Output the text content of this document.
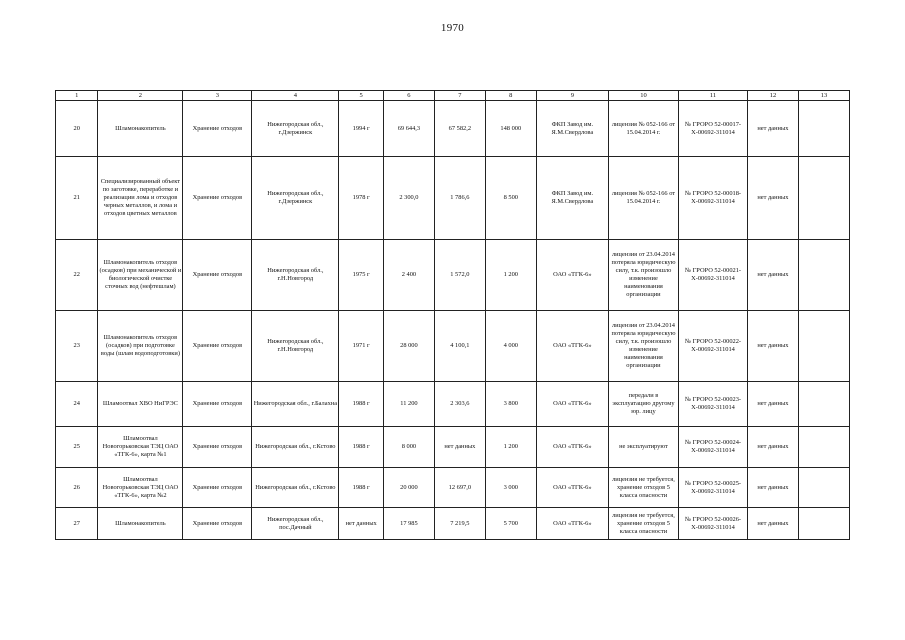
1970
1	2	3	4	5	6	7	8	9	10	11	12	13
20	Шламонакопитель	Хранение отходов	Нижегородская обл., г.Дзержинск	1994 г	69 644,3	67 582,2	148 000	ФКП Завод им. Я.М.Свердлова	лицензия № 052-166 от 15.04.2014 г.	№ ГРОРО 52-00017-Х-00692-311014	нет данных	
21	Специализированный объект по заготовке, переработке и реализации лома и отходов черных металлов, и лома и отходов цветных металлов	Хранение отходов	Нижегородская обл., г.Дзержинск	1978 г	2 300,0	1 786,6	8 500	ФКП Завод им. Я.М.Свердлова	лицензия № 052-166 от 15.04.2014 г.	№ ГРОРО 52-00018-Х-00692-311014	нет данных	
22	Шламонакопитель отходов (осадков) при механической и биологической очистке сточных вод (нефтешлам)	Хранение отходов	Нижегородская обл., г.Н.Новгород	1975 г	2 400	1 572,0	1 200	ОАО «ТГК-6»	лицензия от 23.04.2014 потеряла юридическую силу, т.к. произошло изменение наименования организации	№ ГРОРО 52-00021-Х-00692-311014	нет данных	
23	Шламонакопитель отходов (осадков) при подготовке воды (шлам водоподготовки)	Хранение отходов	Нижегородская обл., г.Н.Новгород	1971 г	28 000	4 100,1	4 000	ОАО «ТГК-6»	лицензия от 23.04.2014 потеряла юридическую силу, т.к. произошло изменение наименования организации	№ ГРОРО 52-00022-Х-00692-311014	нет данных	
24	Шламоотвал ХВО НиГРЭС	Хранение отходов	Нижегородская обл., г.Балахна	1988 г	11 200	2 303,6	3 800	ОАО «ТГК-6»	передали в эксплуатацию другому юр. лицу	№ ГРОРО 52-00023-Х-00692-311014	нет данных	
25	Шламоотвал Новогорьковская ТЭЦ ОАО «ТГК-6», карта №1	Хранение отходов	Нижегородская обл., г.Кстово	1988 г	8 000	нет данных	1 200	ОАО «ТГК-6»	не эксплуатируют	№ ГРОРО 52-00024-Х-00692-311014	нет данных	
26	Шламоотвал Новогорьковская ТЭЦ ОАО «ТГК-6», карта №2	Хранение отходов	Нижегородская обл., г.Кстово	1988 г	20 000	12 697,0	3 000	ОАО «ТГК-6»	лицензия не требуется, хранение отходов 5 класса опасности	№ ГРОРО 52-00025-Х-00692-311014	нет данных	
27	Шламонакопитель	Хранение отходов	Нижегородская обл., пос.Дачный	нет данных	17 985	7 219,5	5 700	ОАО «ТГК-6»	лицензия не требуется, хранение отходов 5 класса опасности	№ ГРОРО 52-00026-Х-00692-311014	нет данных	
